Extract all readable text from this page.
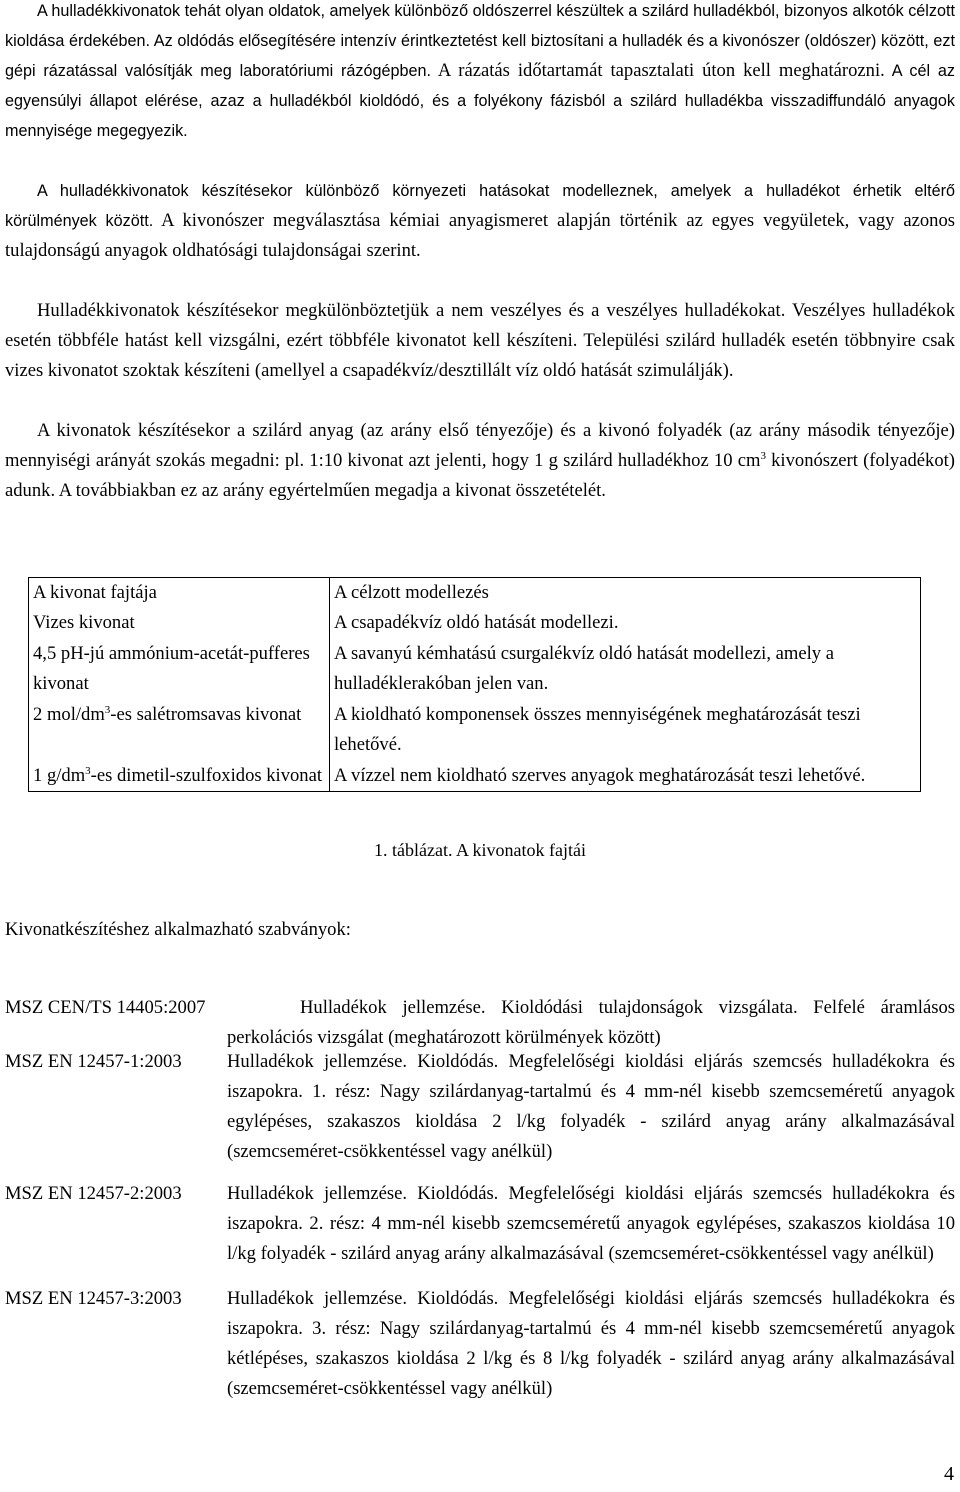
A hulladékkivonatok tehát olyan oldatok, amelyek különböző oldószerrel készültek a szilárd hulladékból, bizonyos alkotók célzott kioldása érdekében. Az oldódás elősegítésére intenzív érintkeztetést kell biztosítani a hulladék és a kivonószer (oldószer) között, ezt gépi rázatással valósítják meg laboratóriumi rázógépben. A rázatás időtartamát tapasztalati úton kell meghatározni. A cél az egyensúlyi állapot elérése, azaz a hulladékból kioldódó, és a folyékony fázisból a szilárd hulladékba visszadiffundáló anyagok mennyisége megegyezik.

A hulladékkivonatok készítésekor különböző környezeti hatásokat modelleznek, amelyek a hulladékot érhetik eltérő körülmények között. A kivonószer megválasztása kémiai anyagismeret alapján történik az egyes vegyületek, vagy azonos tulajdonságú anyagok oldhatósági tulajdonságai szerint.

Hulladékkivonatok készítésekor megkülönböztetjük a nem veszélyes és a veszélyes hulladékokat. Veszélyes hulladékok esetén többféle hatást kell vizsgálni, ezért többféle kivonatot kell készíteni. Települési szilárd hulladék esetén többnyire csak vizes kivonatot szoktak készíteni (amellyel a csapadékvíz/desztillált víz oldó hatását szimulálják).

A kivonatok készítésekor a szilárd anyag (az arány első tényezője) és a kivonó folyadék (az arány második tényezője) mennyiségi arányát szokás megadni: pl. 1:10 kivonat azt jelenti, hogy 1 g szilárd hulladékhoz 10 $cm^3$ kivonószert (folyadékot) adunk. A továbbiakban ez az arány egyértelműen megadja a kivonat összetételét.

A kivonat fajtája	A célzott modellezés
Vizes kivonat	A csapadékvíz oldó hatását modellezi.
4,5 pH-jú ammónium-acetát-pufferes kivonat	A savanyú kémhatású csurgalékvíz oldó hatását modellezi, amely a hulladéklerakóban jelen van.
2 mol/$dm^3-es$ salétromsavas kivonat	A kioldható komponensek összes mennyiségének meghatározását teszi lehetővé.
1 $g/dm^3-es$ dimetil-szulfoxidos kivonat	A vízzel nem kioldható szerves anyagok meghatározását teszi lehetővé.
1. táblázat. A kivonatok fajtái
Kivonatkészítéshez alkalmazható szabványok:
MSZ CEN/TS 14405:2007	Hulladékok jellemzése. Kioldódási tulajdonságok vizsgálata. Felfelé áramlásos perkolációs vizsgálat (meghatározott körülmények között)
MSZ EN 12457-1:2003 Hulladékok jellemzése. Kioldódás. Megfelelőségi kioldási eljárás szemcsés hulladékokra és iszapokra. 1. rész: Nagy szilárdanyag-tartalmú és 4 mm-nél kisebb szemcseméretű anyagok egylépéses, szakaszos kioldása 2 l/kg folyadék - szilárd anyag arány alkalmazásával (szemcseméret-csökkentéssel vagy anélkül)
MSZ EN 12457-2:2003 Hulladékok jellemzése. Kioldódás. Megfelelőségi kioldási eljárás szemcsés hulladékokra és iszapokra. 2. rész: 4 mm-nél kisebb szemcseméretű anyagok egylépéses, szakaszos kioldása 10 l/kg folyadék - szilárd anyag arány alkalmazásával (szemcseméret-csökkentéssel vagy anélkül)
MSZ EN 12457-3:2003 Hulladékok jellemzése. Kioldódás. Megfelelőségi kioldási eljárás szemcsés hulladékokra és iszapokra. 3. rész: Nagy szilárdanyag-tartalmú és 4 mm-nél kisebb szemcseméretű anyagok kétlépéses, szakaszos kioldása 2 l/kg és 8 l/kg folyadék - szilárd anyag arány alkalmazásával (szemcseméret-csökkentéssel vagy anélkül)
4
